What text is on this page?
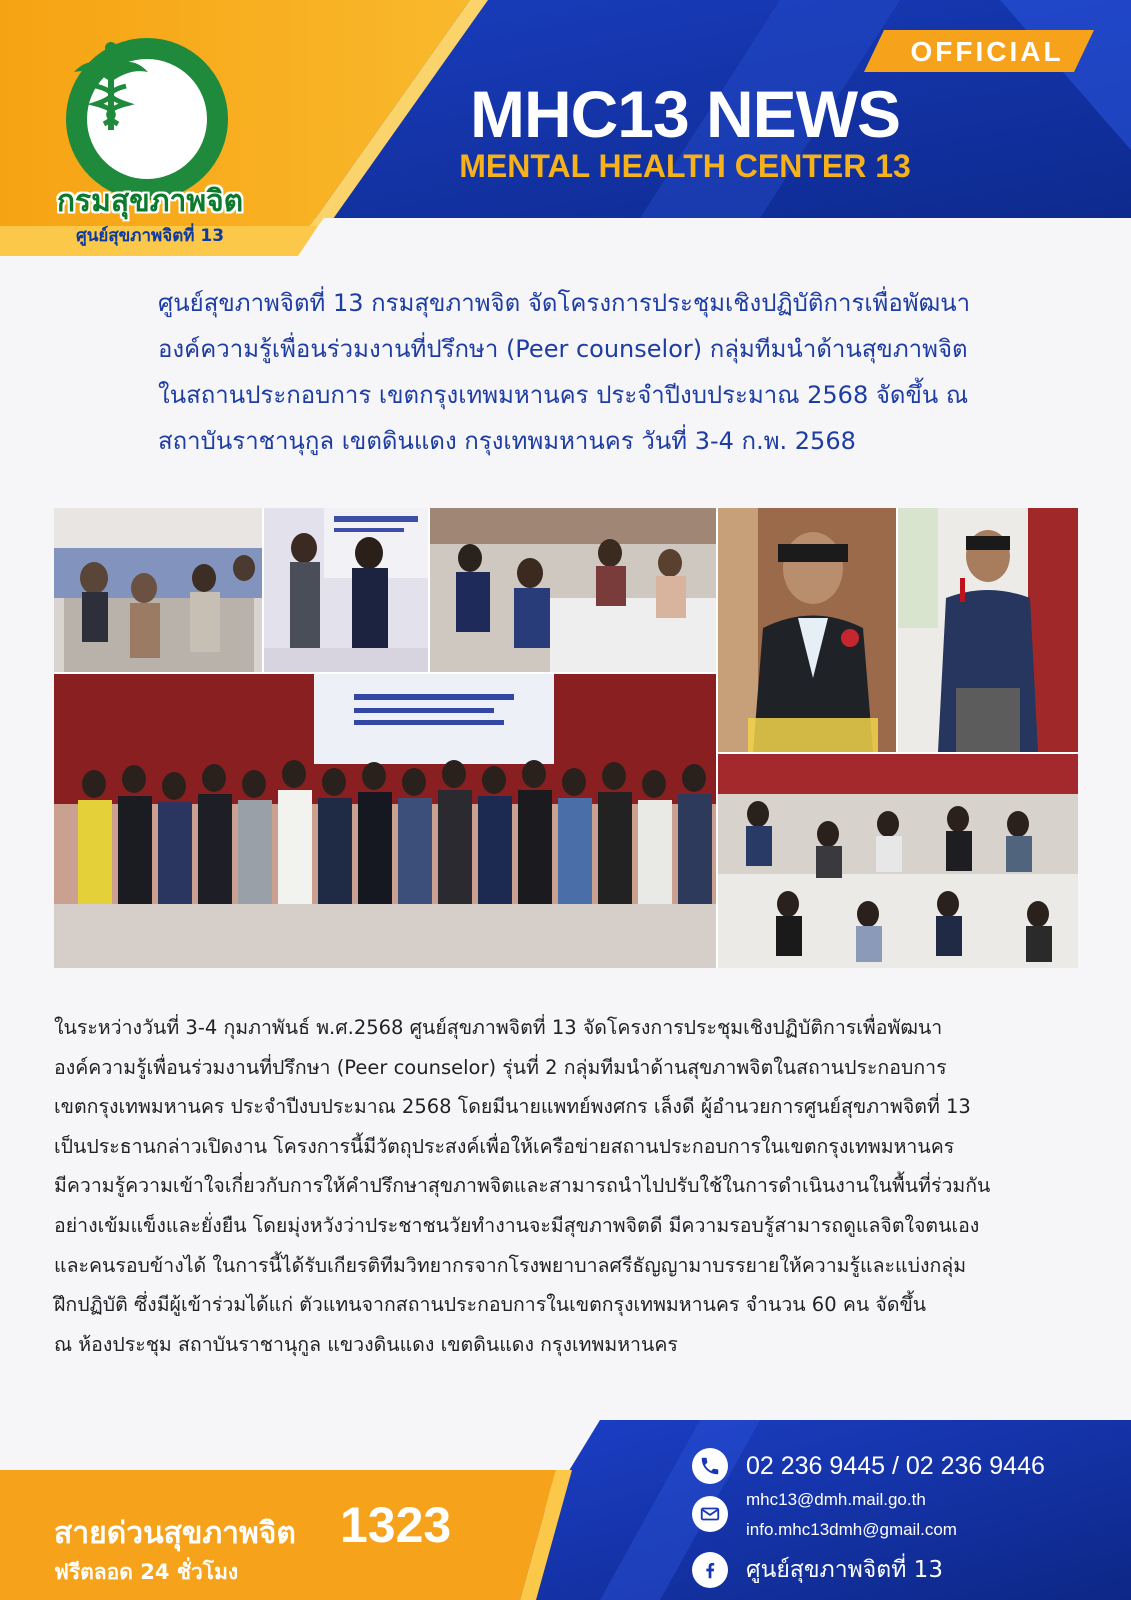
กรมสุขภาพจิต
ศูนย์สุขภาพจิตที่ 13
OFFICIAL
MHC13 NEWS
MENTAL HEALTH CENTER 13
ศูนย์สุขภาพจิตที่ 13 กรมสุขภาพจิต จัดโครงการประชุมเชิงปฏิบัติการเพื่อพัฒนา
องค์ความรู้เพื่อนร่วมงานที่ปรึกษา (Peer counselor) กลุ่มทีมนำด้านสุขภาพจิต
ในสถานประกอบการ เขตกรุงเทพมหานคร ประจำปีงบประมาณ 2568 จัดขึ้น ณ
สถาบันราชานุกูล เขตดินแดง กรุงเทพมหานคร วันที่ 3-4 ก.พ. 2568
ในระหว่างวันที่ 3-4 กุมภาพันธ์ พ.ศ.2568 ศูนย์สุขภาพจิตที่ 13 จัดโครงการประชุมเชิงปฏิบัติการเพื่อพัฒนา
องค์ความรู้เพื่อนร่วมงานที่ปรึกษา (Peer counselor) รุ่นที่ 2 กลุ่มทีมนำด้านสุขภาพจิตในสถานประกอบการ
เขตกรุงเทพมหานคร ประจำปีงบประมาณ 2568 โดยมีนายแพทย์พงศกร เล็งดี ผู้อำนวยการศูนย์สุขภาพจิตที่ 13
เป็นประธานกล่าวเปิดงาน โครงการนี้มีวัตถุประสงค์เพื่อให้เครือข่ายสถานประกอบการในเขตกรุงเทพมหานคร
มีความรู้ความเข้าใจเกี่ยวกับการให้คำปรึกษาสุขภาพจิตและสามารถนำไปปรับใช้ในการดำเนินงานในพื้นที่ร่วมกัน
อย่างเข้มแข็งและยั่งยืน โดยมุ่งหวังว่าประชาชนวัยทำงานจะมีสุขภาพจิตดี มีความรอบรู้สามารถดูแลจิตใจตนเอง
และคนรอบข้างได้ ในการนี้ได้รับเกียรติทีมวิทยากรจากโรงพยาบาลศรีธัญญามาบรรยายให้ความรู้และแบ่งกลุ่ม
ฝึกปฏิบัติ ซึ่งมีผู้เข้าร่วมได้แก่ ตัวแทนจากสถานประกอบการในเขตกรุงเทพมหานคร จำนวน 60 คน จัดขึ้น
ณ ห้องประชุม สถาบันราชานุกูล แขวงดินแดง เขตดินแดง กรุงเทพมหานคร
สายด่วนสุขภาพจิต 1323
ฟรีตลอด 24 ชั่วโมง
02 236 9445 / 02 236 9446
mhc13@dmh.mail.go.th
info.mhc13dmh@gmail.com
ศูนย์สุขภาพจิตที่ 13
